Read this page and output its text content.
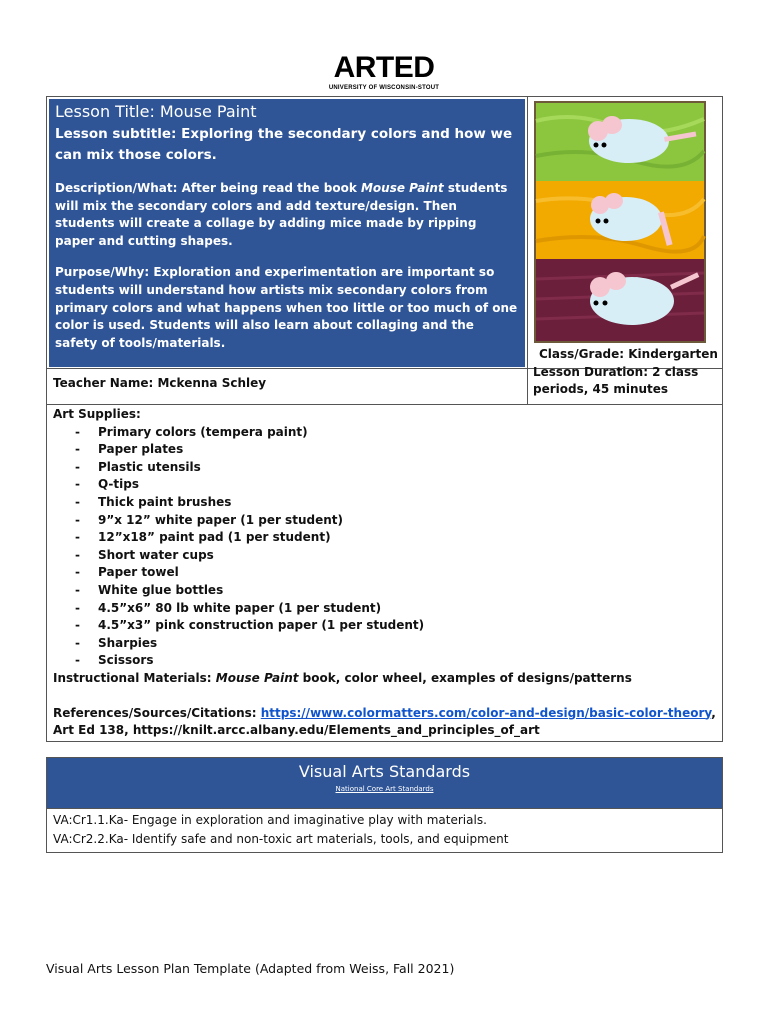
ARTED
UNIVERSITY OF WISCONSIN-STOUT
Lesson Title: Mouse Paint
Lesson subtitle: Exploring the secondary colors and how we can mix those colors.
Description/What: After being read the book Mouse Paint students will mix the secondary colors and add texture/design. Then students will create a collage by adding mice made by ripping paper and cutting shapes.
Purpose/Why: Exploration and experimentation are important so students will understand how artists mix secondary colors from primary colors and what happens when too little or too much of one color is used. Students will also learn about collaging and the safety of tools/materials.
Teacher Name: Mckenna Schley
Class/Grade: Kindergarten
Lesson Duration: 2 class periods, 45 minutes
Art Supplies:
- Primary colors (tempera paint)
- Paper plates
- Plastic utensils
- Q-tips
- Thick paint brushes
- 9”x 12” white paper (1 per student)
- 12”x18” paint pad (1 per student)
- Short water cups
- Paper towel
- White glue bottles
- 4.5”x6” 80 lb white paper (1 per student)
- 4.5”x3” pink construction paper (1 per student)
- Sharpies
- Scissors
Instructional Materials: Mouse Paint book, color wheel, examples of designs/patterns
References/Sources/Citations: https://www.colormatters.com/color-and-design/basic-color-theory, Art Ed 138, https://knilt.arcc.albany.edu/Elements_and_principles_of_art
Visual Arts Standards
National Core Art Standards
VA:Cr1.1.Ka- Engage in exploration and imaginative play with materials.
VA:Cr2.2.Ka- Identify safe and non-toxic art materials, tools, and equipment
Visual Arts Lesson Plan Template (Adapted from Weiss, Fall 2021)
